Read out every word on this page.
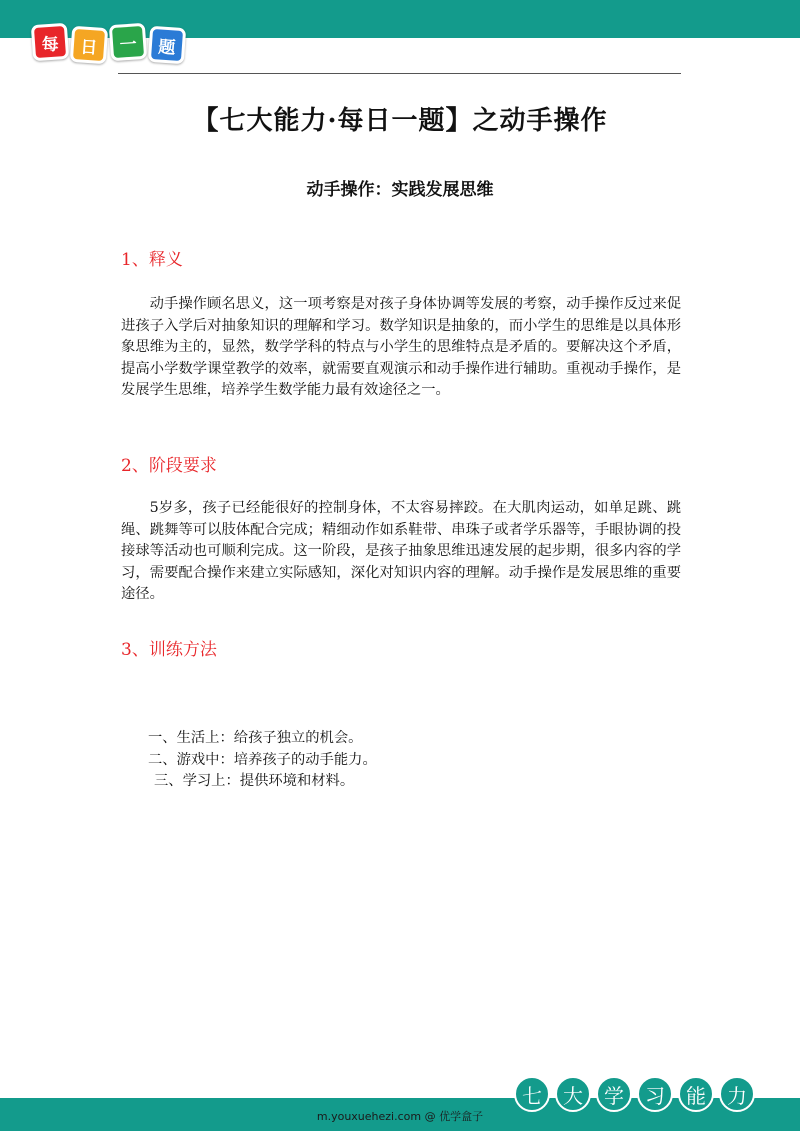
每	日	一	题
【七大能力·每日一题】之动手操作
动手操作：实践发展思维
1、释义

动手操作顾名思义，这一项考察是对孩子身体协调等发展的考察，动手操作反过来促进孩子入学后对抽象知识的理解和学习。数学知识是抽象的，而小学生的思维是以具体形象思维为主的，显然，数学学科的特点与小学生的思维特点是矛盾的。要解决这个矛盾，提高小学数学课堂教学的效率，就需要直观演示和动手操作进行辅助。重视动手操作，是发展学生思维，培养学生数学能力最有效途径之一。

2、阶段要求

5岁多，孩子已经能很好的控制身体，不太容易摔跤。在大肌肉运动，如单足跳、跳绳、跳舞等可以肢体配合完成；精细动作如系鞋带、串珠子或者学乐器等，手眼协调的投接球等活动也可顺利完成。这一阶段，是孩子抽象思维迅速发展的起步期，很多内容的学习，需要配合操作来建立实际感知，深化对知识内容的理解。动手操作是发展思维的重要途径。

3、训练方法
一、生活上：给孩子独立的机会。
二、游戏中：培养孩子的动手能力。
三、学习上：提供环境和材料。
七	大	学	习	能	力
m.youxuehezi.com @ 优学盒子
